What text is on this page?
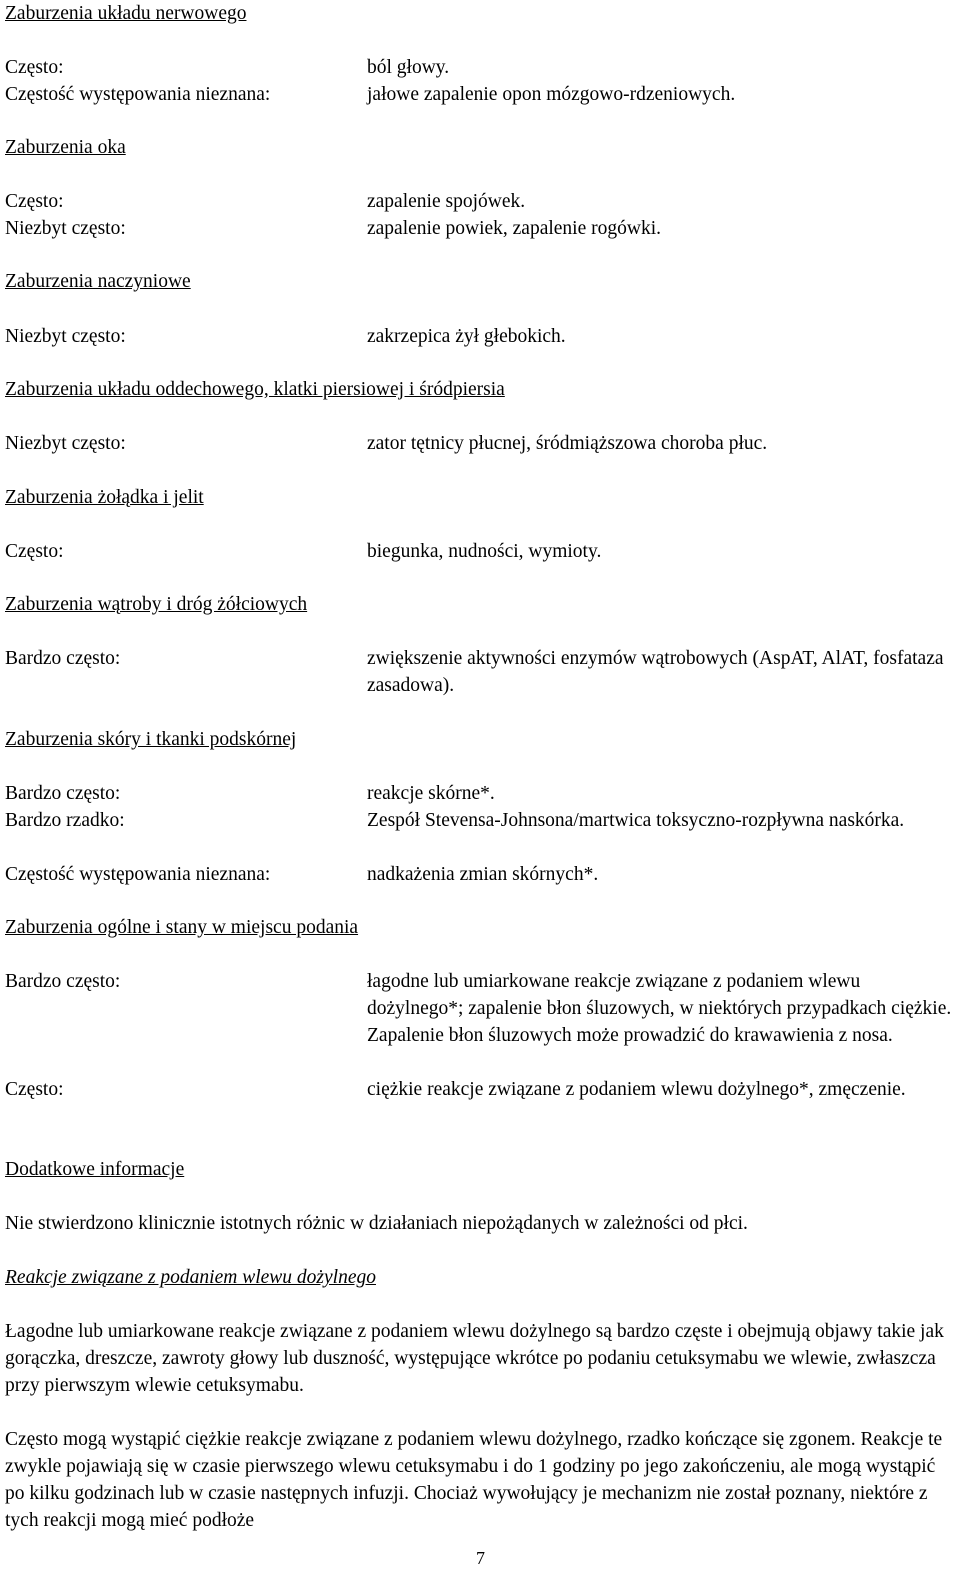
Zaburzenia układu nerwowego
Często:	ból głowy.
Częstość występowania nieznana:	jałowe zapalenie opon mózgowo-rdzeniowych.
Zaburzenia oka
Często:	zapalenie spojówek.
Niezbyt często:	zapalenie powiek, zapalenie rogówki.
Zaburzenia naczyniowe
Niezbyt często:	zakrzepica żył głebokich.
Zaburzenia układu oddechowego, klatki piersiowej i śródpiersia
Niezbyt często:	zator tętnicy płucnej, śródmiąższowa choroba płuc.
Zaburzenia żołądka i jelit
Często:	biegunka, nudności, wymioty.
Zaburzenia wątroby i dróg żółciowych
Bardzo często:	zwiększenie aktywności enzymów wątrobowych (AspAT, AlAT, fosfataza zasadowa).
Zaburzenia skóry i tkanki podskórnej
Bardzo często:	reakcje skórne*.
Bardzo rzadko:	Zespół Stevensa-Johnsona/martwica toksyczno-rozpływna naskórka.
Częstość występowania nieznana:	nadkażenia zmian skórnych*.
Zaburzenia ogólne i stany w miejscu podania
Bardzo często:	łagodne lub umiarkowane reakcje związane z podaniem wlewu dożylnego*; zapalenie błon śluzowych, w niektórych przypadkach ciężkie. Zapalenie błon śluzowych może prowadzić do krawawienia z nosa.
Często:	ciężkie reakcje związane z podaniem wlewu dożylnego*, zmęczenie.
Dodatkowe informacje
Nie stwierdzono klinicznie istotnych różnic w działaniach niepożądanych w zależności od płci.
Reakcje związane z podaniem wlewu dożylnego
Łagodne lub umiarkowane reakcje związane z podaniem wlewu dożylnego są bardzo częste i obejmują objawy takie jak gorączka, dreszcze, zawroty głowy lub duszność, występujące wkrótce po podaniu cetuksymabu we wlewie, zwłaszcza przy pierwszym wlewie cetuksymabu.
Często mogą wystąpić ciężkie reakcje związane z podaniem wlewu dożylnego, rzadko kończące się zgonem. Reakcje te zwykle pojawiają się w czasie pierwszego wlewu cetuksymabu i do 1 godziny po jego zakończeniu, ale mogą wystąpić po kilku godzinach lub w czasie następnych infuzji. Chociaż wywołujący je mechanizm nie został poznany, niektóre z tych reakcji mogą mieć podłoże
7
